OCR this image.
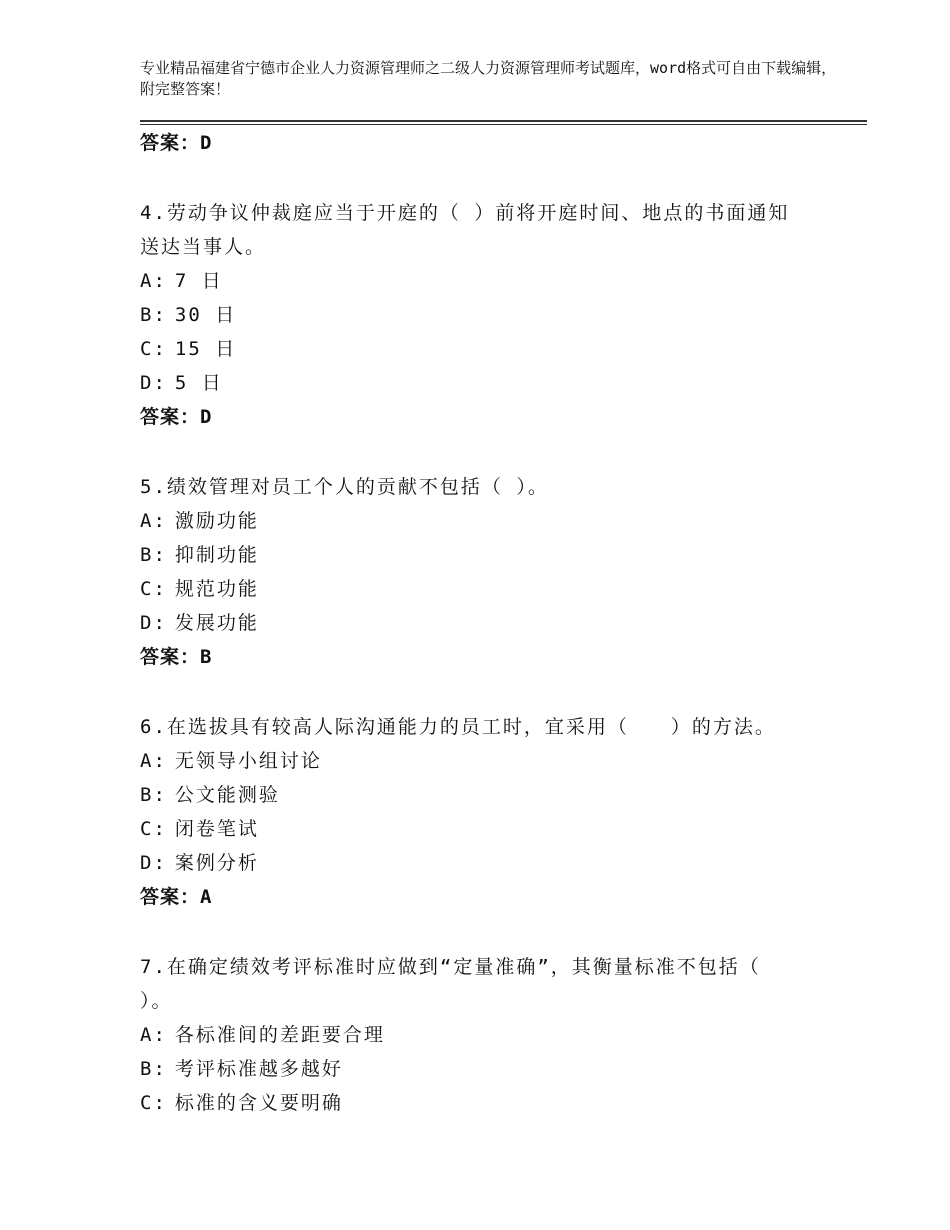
专业精品福建省宁德市企业人力资源管理师之二级人力资源管理师考试题库，word格式可自由下载编辑，附完整答案！
答案：D
4.劳动争议仲裁庭应当于开庭的（ ）前将开庭时间、地点的书面通知
送达当事人。
A: 7 日
B: 30 日
C: 15 日
D: 5 日
答案：D
5.绩效管理对员工个人的贡献不包括（ ）。
A: 激励功能
B: 抑制功能
C: 规范功能
D: 发展功能
答案：B
6.在选拔具有较高人际沟通能力的员工时，宜采用（　　）的方法。
A: 无领导小组讨论
B: 公文能测验
C: 闭卷笔试
D: 案例分析
答案：A
7.在确定绩效考评标准时应做到“定量准确”，其衡量标准不包括（
）。
A: 各标准间的差距要合理
B: 考评标准越多越好
C: 标准的含义要明确
